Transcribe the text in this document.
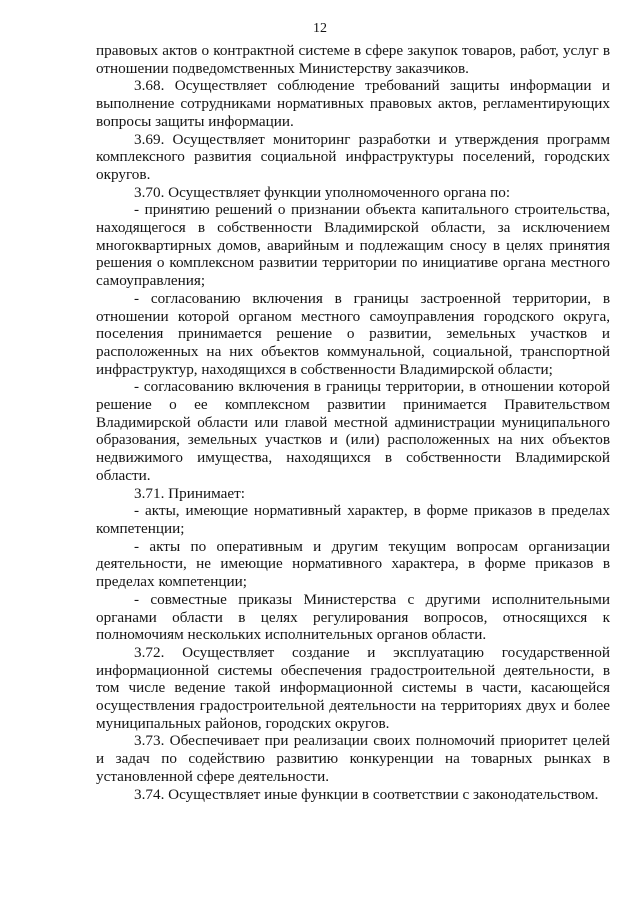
12

правовых актов о контрактной системе в сфере закупок товаров, работ, услуг в отношении подведомственных Министерству заказчиков.

3.68. Осуществляет соблюдение требований защиты информации и выполнение сотрудниками нормативных правовых актов, регламентирующих вопросы защиты информации.

3.69. Осуществляет мониторинг разработки и утверждения программ комплексного развития социальной инфраструктуры поселений, городских округов.

3.70. Осуществляет функции уполномоченного органа по:

- принятию решений о признании объекта капитального строительства, находящегося в собственности Владимирской области, за исключением многоквартирных домов, аварийным и подлежащим сносу в целях принятия решения о комплексном развитии территории по инициативе органа местного самоуправления;

- согласованию включения в границы застроенной территории, в отношении которой органом местного самоуправления городского округа, поселения принимается решение о развитии, земельных участков и расположенных на них объектов коммунальной, социальной, транспортной инфраструктур, находящихся в собственности Владимирской области;

- согласованию включения в границы территории, в отношении которой решение о ее комплексном развитии принимается Правительством Владимирской области или главой местной администрации муниципального образования, земельных участков и (или) расположенных на них объектов недвижимого имущества, находящихся в собственности Владимирской области.

3.71. Принимает:

- акты, имеющие нормативный характер, в форме приказов в пределах компетенции;

- акты по оперативным и другим текущим вопросам организации деятельности, не имеющие нормативного характера, в форме приказов в пределах компетенции;

- совместные приказы Министерства с другими исполнительными органами области в целях регулирования вопросов, относящихся к полномочиям нескольких исполнительных органов области.

3.72. Осуществляет создание и эксплуатацию государственной информационной системы обеспечения градостроительной деятельности, в том числе ведение такой информационной системы в части, касающейся осуществления градостроительной деятельности на территориях двух и более муниципальных районов, городских округов.

3.73. Обеспечивает при реализации своих полномочий приоритет целей и задач по содействию развитию конкуренции на товарных рынках в установленной сфере деятельности.

3.74. Осуществляет иные функции в соответствии с законодательством.
